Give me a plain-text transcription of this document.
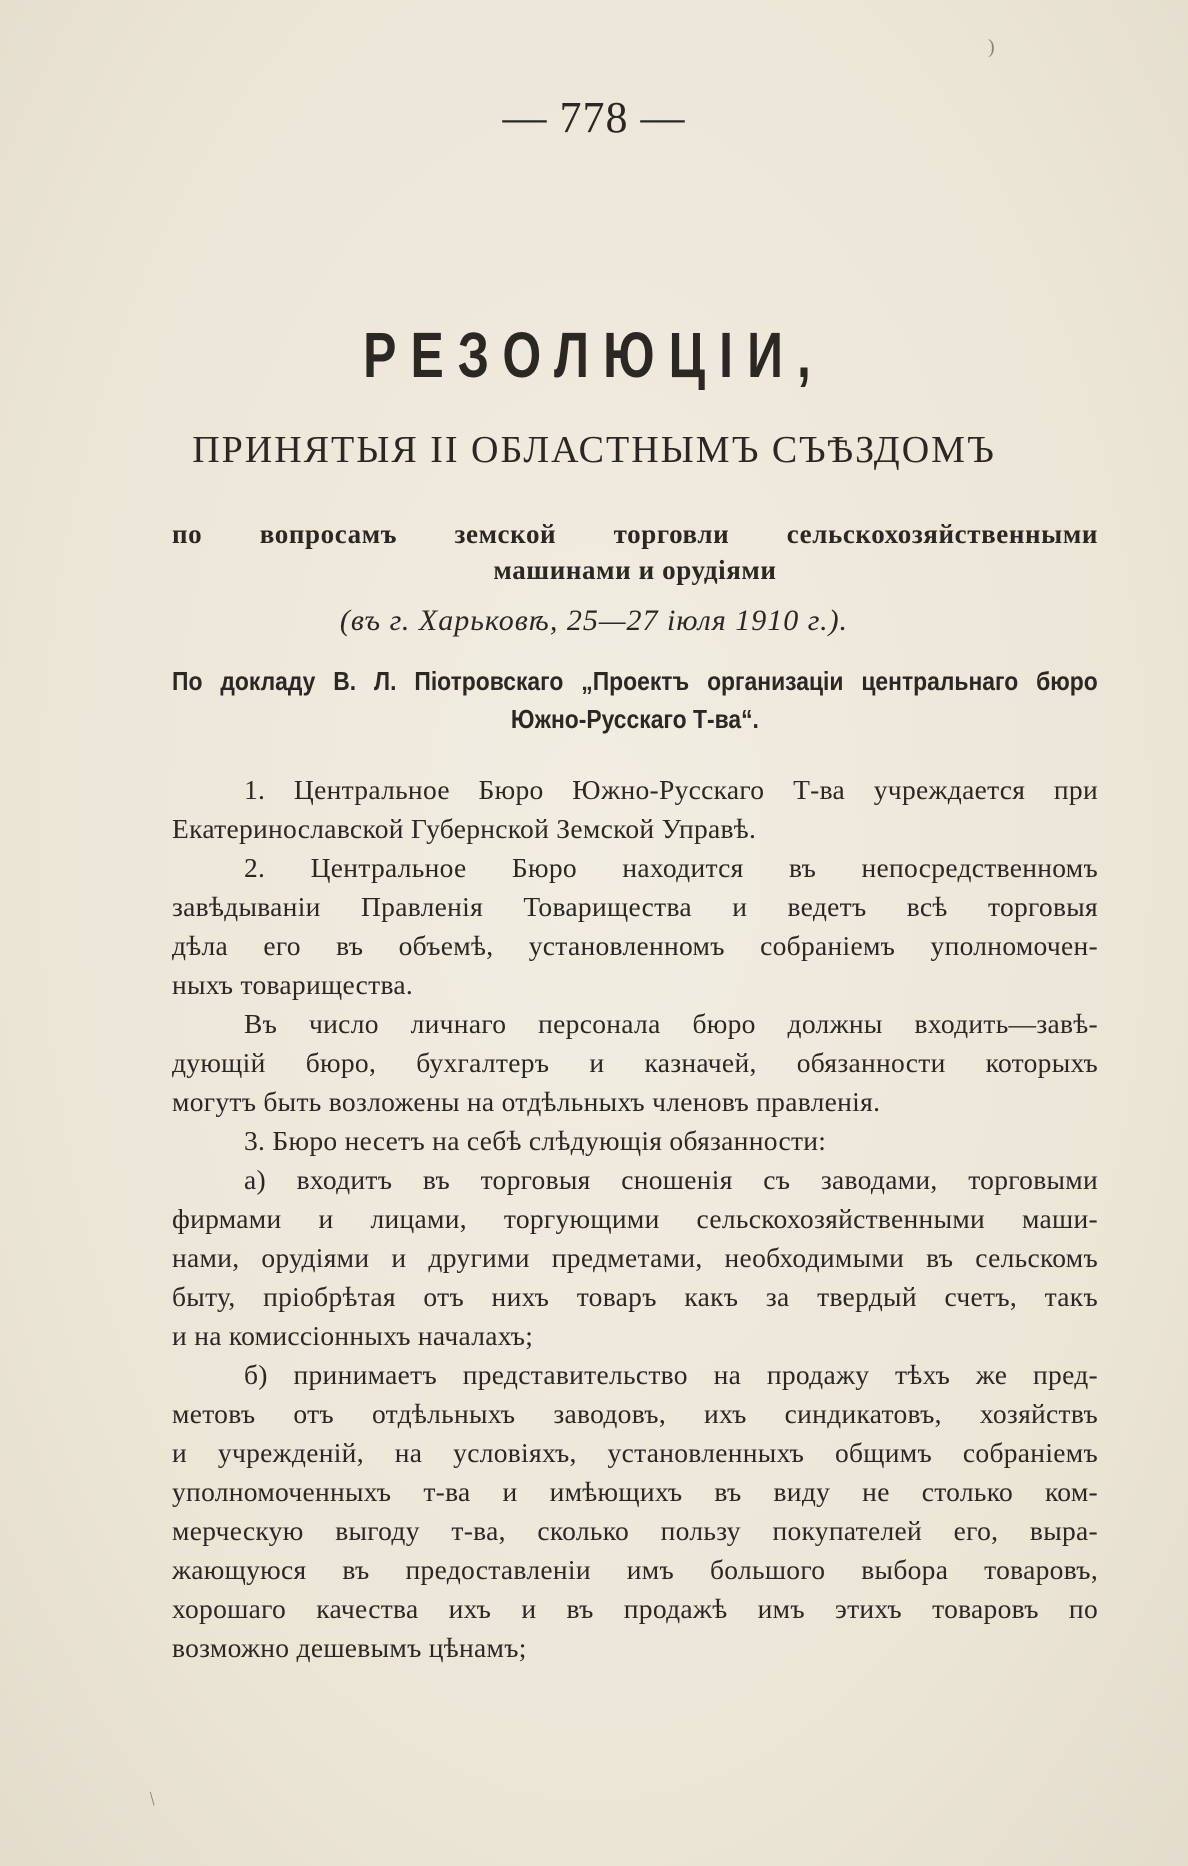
— 778 —
РЕЗОЛЮЦІИ,
ПРИНЯТЫЯ II ОБЛАСТНЫМЪ СЪѢЗДОМЪ
по вопросамъ земской торговли сельскохозяйственными
машинами и орудіями
(въ г. Харьковѣ, 25—27 іюля 1910 г.).
По докладу В. Л. Піотровскаго „Проектъ организаціи центральнаго бюро
Южно-Русскаго Т-ва“.
1. Центральное Бюро Южно-Русскаго Т-ва учреждается при
Екатеринославской Губернской Земской Управѣ.
2. Центральное Бюро находится въ непосредственномъ
завѣдываніи Правленія Товарищества и ведетъ всѣ торговыя
дѣла его въ объемѣ, установленномъ собраніемъ уполномочен-
ныхъ товарищества.
Въ число личнаго персонала бюро должны входить—завѣ-
дующій бюро, бухгалтеръ и казначей, обязанности которыхъ
могутъ быть возложены на отдѣльныхъ членовъ правленія.
3. Бюро несетъ на себѣ слѣдующія обязанности:
а) входитъ въ торговыя сношенія съ заводами, торговыми
фирмами и лицами, торгующими сельскохозяйственными маши-
нами, орудіями и другими предметами, необходимыми въ сельскомъ
быту, пріобрѣтая отъ нихъ товаръ какъ за твердый счетъ, такъ
и на комиссіонныхъ началахъ;
б) принимаетъ представительство на продажу тѣхъ же пред-
метовъ отъ отдѣльныхъ заводовъ, ихъ синдикатовъ, хозяйствъ
и учрежденій, на условіяхъ, установленныхъ общимъ собраніемъ
уполномоченныхъ т-ва и имѣющихъ въ виду не столько ком-
мерческую выгоду т-ва, сколько пользу покупателей его, выра-
жающуюся въ предоставленіи имъ большого выбора товаровъ,
хорошаго качества ихъ и въ продажѣ имъ этихъ товаровъ по
возможно дешевымъ цѣнамъ;
)
/
